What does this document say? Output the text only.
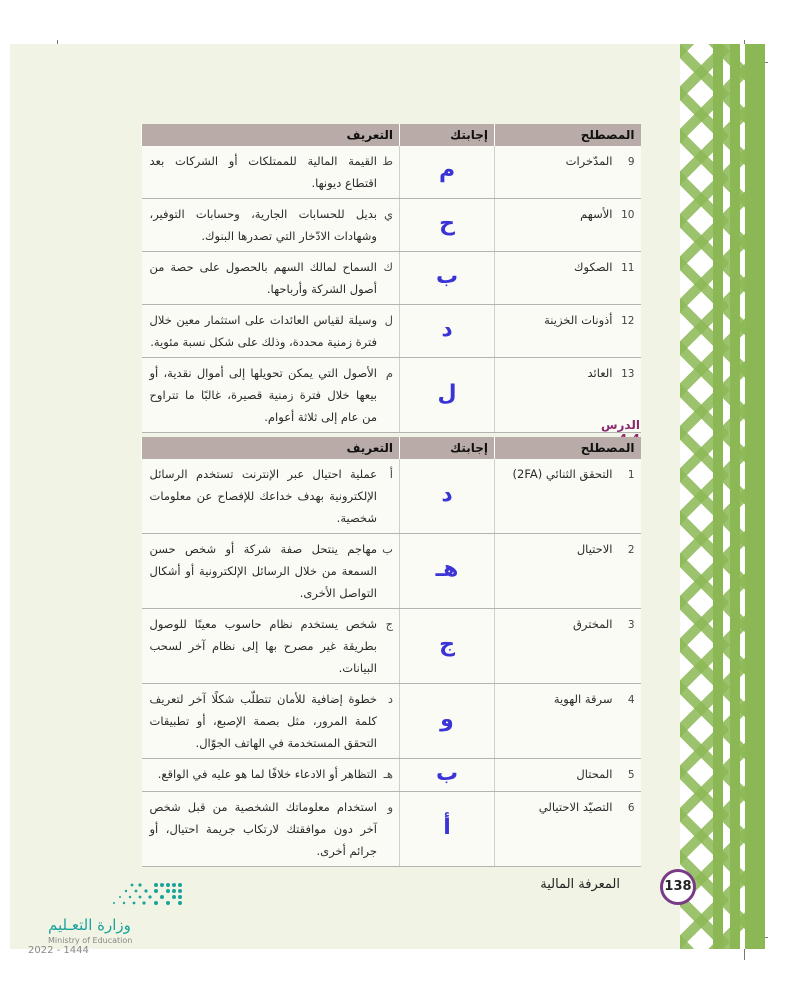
المصطلح	إجابتك	التعريف
9المدّخرات	م	طالقيمة المالية للممتلكات أو الشركات بعد اقتطاع ديونها.
10الأسهم	ح	يبديل للحسابات الجارية، وحسابات التوفير، وشهادات الادّخار التي تصدرها البنوك.
11الصكوك	ب	كالسماح لمالك السهم بالحصول على حصة من أصول الشركة وأرباحها.
12أذونات الخزينة	د	لوسيلة لقياس العائدات على استثمار معين خلال فترة زمنية محددة، وذلك على شكل نسبة مئوية.
13العائد	ل	مالأصول التي يمكن تحويلها إلى أموال نقدية، أو بيعها خلال فترة زمنية قصيرة، غالبًا ما تتراوح من عام إلى ثلاثة أعوام.
الدرس
المصطلح	إجابتك	التعريف
1التحقق الثنائي (2FA)	د	أعملية احتيال عبر الإنترنت تستخدم الرسائل الإلكترونية بهدف خداعك للإفصاح عن معلومات شخصية.
2الاحتيال	هـ	بمهاجم ينتحل صفة شركة أو شخص حسن السمعة من خلال الرسائل الإلكترونية أو أشكال التواصل الأخرى.
3المخترق	ج	جشخص يستخدم نظام حاسوب معينًا للوصول بطريقة غير مصرح بها إلى نظام آخر لسحب البيانات.
4سرقة الهوية	و	دخطوة إضافية للأمان تتطلّب شكلًا آخر لتعريف كلمة المرور، مثل بصمة الإصبع، أو تطبيقات التحقق المستخدمة في الهاتف الجوّال.
5المحتال	ب	هـالتظاهر أو الادعاء خلافًا لما هو عليه في الواقع.
6التصيّد الاحتيالي	أ	واستخدام معلوماتك الشخصية من قبل شخص آخر دون موافقتك لارتكاب جريمة احتيال، أو جرائم أخرى.
المعرفة المالية	138
وزارة التعـليم
Ministry of Education
2022 - 1444
